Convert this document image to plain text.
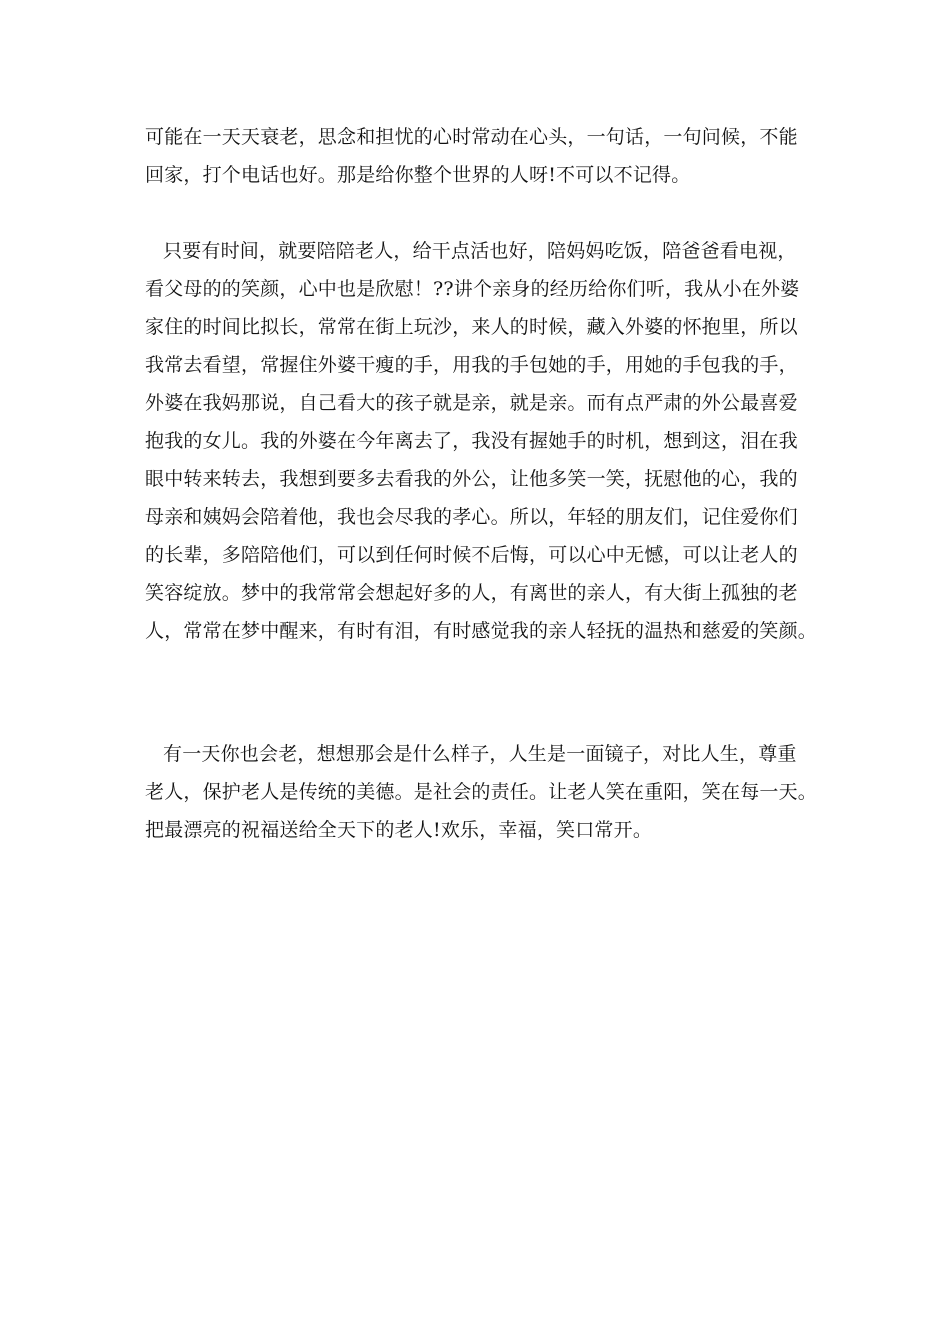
可能在一天天衰老，思念和担忧的心时常动在心头，一句话，一句问候，不能
回家，打个电话也好。那是给你整个世界的人呀!不可以不记得。

只要有时间，就要陪陪老人，给干点活也好，陪妈妈吃饭，陪爸爸看电视，
看父母的的笑颜，心中也是欣慰！??讲个亲身的经历给你们听，我从小在外婆
家住的时间比拟长，常常在街上玩沙，来人的时候，藏入外婆的怀抱里，所以
我常去看望，常握住外婆干瘦的手，用我的手包她的手，用她的手包我的手，
外婆在我妈那说，自己看大的孩子就是亲，就是亲。而有点严肃的外公最喜爱
抱我的女儿。我的外婆在今年离去了，我没有握她手的时机，想到这，泪在我
眼中转来转去，我想到要多去看我的外公，让他多笑一笑，抚慰他的心，我的
母亲和姨妈会陪着他，我也会尽我的孝心。所以，年轻的朋友们，记住爱你们
的长辈，多陪陪他们，可以到任何时候不后悔，可以心中无憾，可以让老人的
笑容绽放。梦中的我常常会想起好多的人，有离世的亲人，有大街上孤独的老
人，常常在梦中醒来，有时有泪，有时感觉我的亲人轻抚的温热和慈爱的笑颜。

有一天你也会老，想想那会是什么样子，人生是一面镜子，对比人生，尊重
老人，保护老人是传统的美德。是社会的责任。让老人笑在重阳，笑在每一天。
把最漂亮的祝福送给全天下的老人!欢乐，幸福，笑口常开。
